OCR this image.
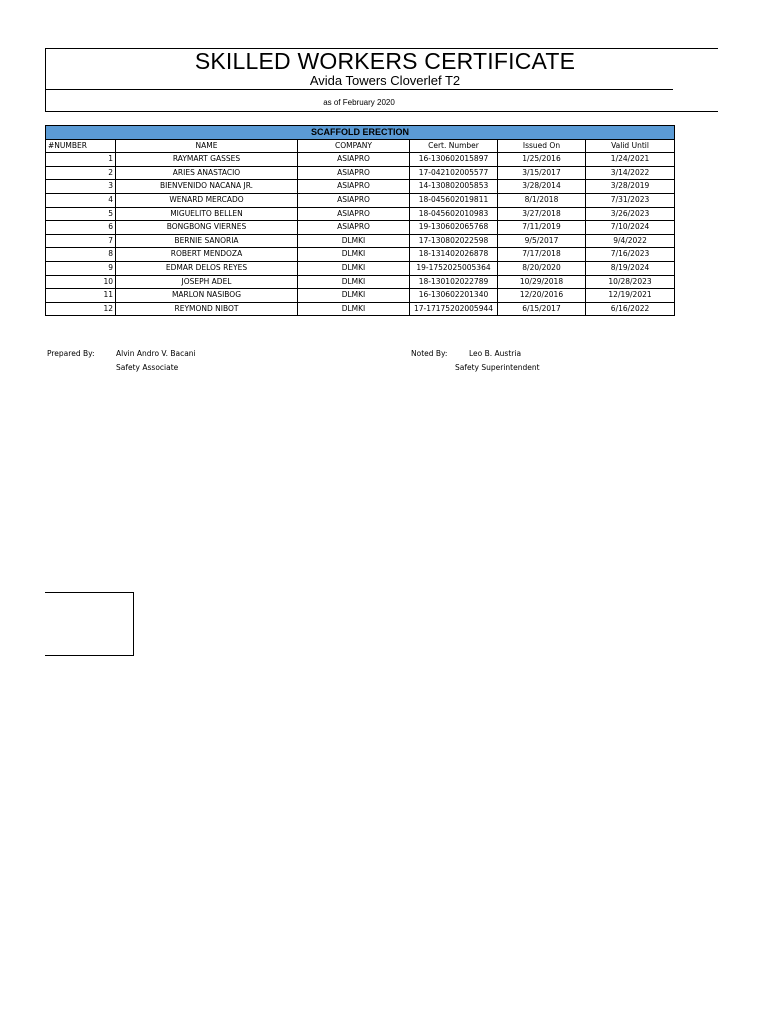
SKILLED WORKERS CERTIFICATE
Avida Towers Cloverlef T2
as of February 2020
SCAFFOLD ERECTION					
#NUMBER	NAME	COMPANY	Cert. Number	Issued On	Valid Until
1	RAYMART GASSES	ASIAPRO	16-130602015897	1/25/2016	1/24/2021
2	ARIES ANASTACIO	ASIAPRO	17-042102005577	3/15/2017	3/14/2022
3	BIENVENIDO NACANA JR.	ASIAPRO	14-130802005853	3/28/2014	3/28/2019
4	WENARD MERCADO	ASIAPRO	18-045602019811	8/1/2018	7/31/2023
5	MIGUELITO BELLEN	ASIAPRO	18-045602010983	3/27/2018	3/26/2023
6	BONGBONG VIERNES	ASIAPRO	19-130602065768	7/11/2019	7/10/2024
7	BERNIE SANORIA	DLMKI	17-130802022598	9/5/2017	9/4/2022
8	ROBERT MENDOZA	DLMKI	18-131402026878	7/17/2018	7/16/2023
9	EDMAR DELOS REYES	DLMKI	19-1752025005364	8/20/2020	8/19/2024
10	JOSEPH ADEL	DLMKI	18-130102022789	10/29/2018	10/28/2023
11	MARLON NASIBOG	DLMKI	16-130602201340	12/20/2016	12/19/2021
12	REYMOND NIBOT	DLMKI	17-17175202005944	6/15/2017	6/16/2022
Prepared By:	Alvin Andro V. Bacani
Safety Associate
Noted By:	Leo B. Austria
Safety Superintendent
